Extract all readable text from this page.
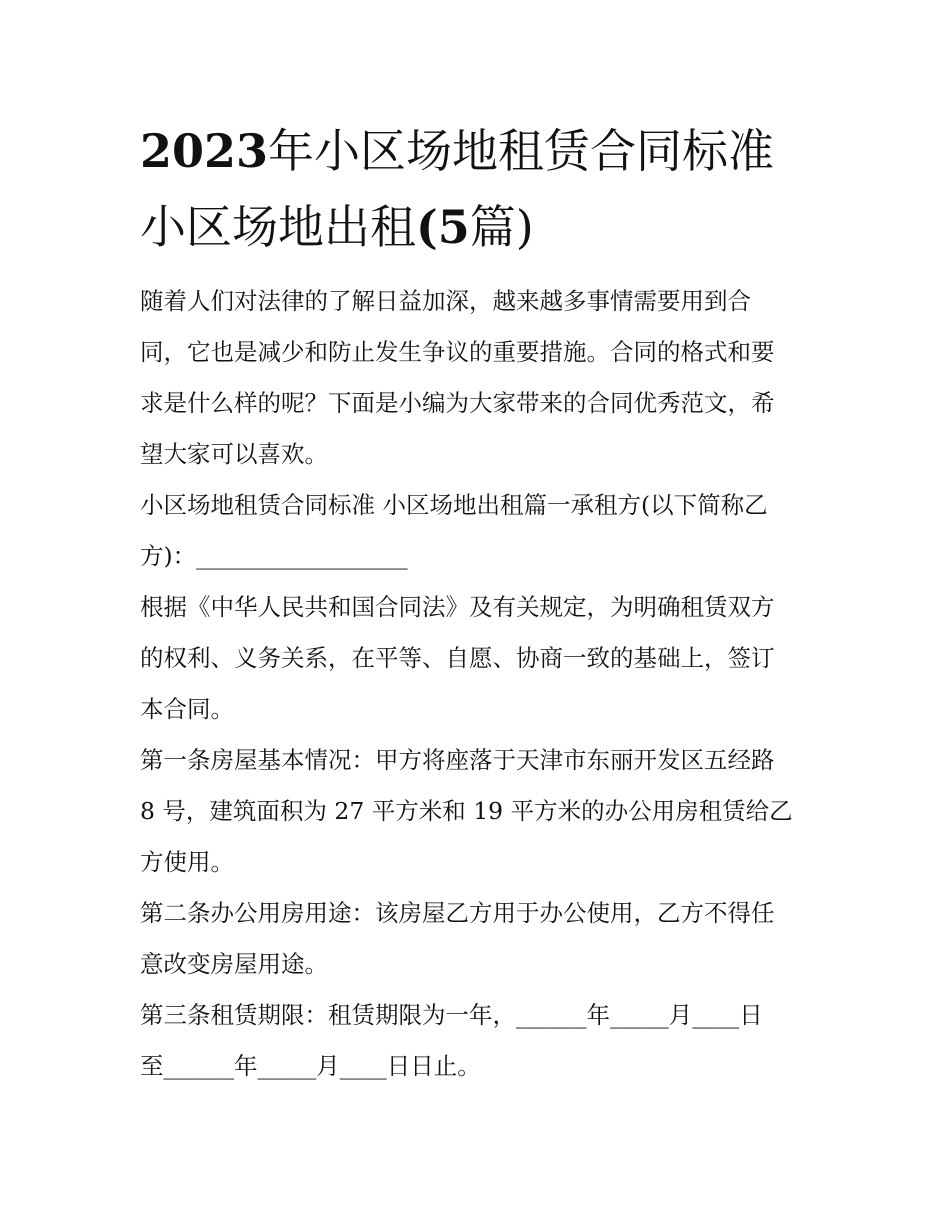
2023年小区场地租赁合同标准
小区场地出租(5篇)

随着人们对法律的了解日益加深，越来越多事情需要用到合
同，它也是减少和防止发生争议的重要措施。合同的格式和要
求是什么样的呢？下面是小编为大家带来的合同优秀范文，希
望大家可以喜欢。

小区场地租赁合同标准 小区场地出租篇一承租方(以下简称乙
方)：__________________

根据《中华人民共和国合同法》及有关规定，为明确租赁双方
的权利、义务关系，在平等、自愿、协商一致的基础上，签订
本合同。

第一条房屋基本情况：甲方将座落于天津市东丽开发区五经路
8 号，建筑面积为 27 平方米和 19 平方米的办公用房租赁给乙
方使用。

第二条办公用房用途：该房屋乙方用于办公使用，乙方不得任
意改变房屋用途。

第三条租赁期限：租赁期限为一年，______年_____月____日
至______年_____月____日日止。
